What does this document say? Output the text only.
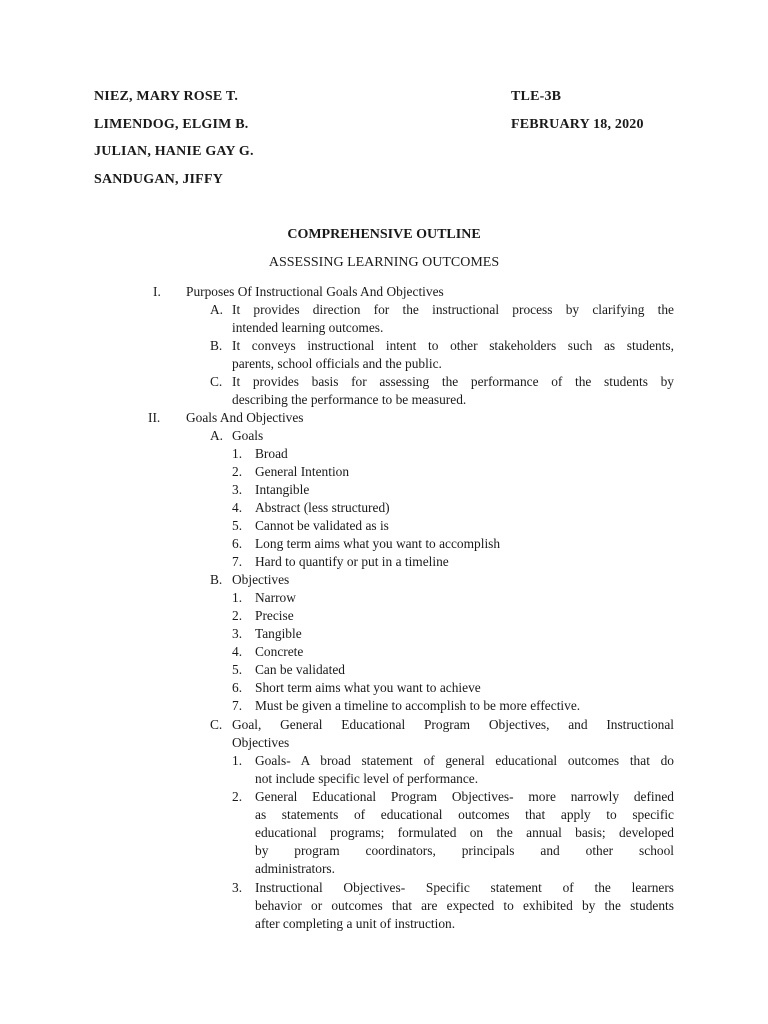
NIEZ, MARY ROSE T.
LIMENDOG, ELGIM B.
JULIAN, HANIE GAY G.
SANDUGAN, JIFFY
TLE-3B
FEBRUARY 18, 2020
COMPREHENSIVE OUTLINE
ASSESSING LEARNING OUTCOMES
I. Purposes Of Instructional Goals And Objectives
A. It provides direction for the instructional process by clarifying the
intended learning outcomes.
B. It conveys instructional intent to other stakeholders such as students,
parents, school officials and the public.
C. It provides basis for assessing the performance of the students by
describing the performance to be measured.
II. Goals And Objectives
A. Goals
1. Broad
2. General Intention
3. Intangible
4. Abstract (less structured)
5. Cannot be validated as is
6. Long term aims what you want to accomplish
7. Hard to quantify or put in a timeline
B. Objectives
1. Narrow
2. Precise
3. Tangible
4. Concrete
5. Can be validated
6. Short term aims what you want to achieve
7. Must be given a timeline to accomplish to be more effective.
C. Goal, General Educational Program Objectives, and Instructional
Objectives
1. Goals- A broad statement of general educational outcomes that do
not include specific level of performance.
2. General Educational Program Objectives- more narrowly defined
as statements of educational outcomes that apply to specific
educational programs; formulated on the annual basis; developed
by program coordinators, principals and other school
administrators.
3. Instructional Objectives- Specific statement of the learners
behavior or outcomes that are expected to exhibited by the students
after completing a unit of instruction.
